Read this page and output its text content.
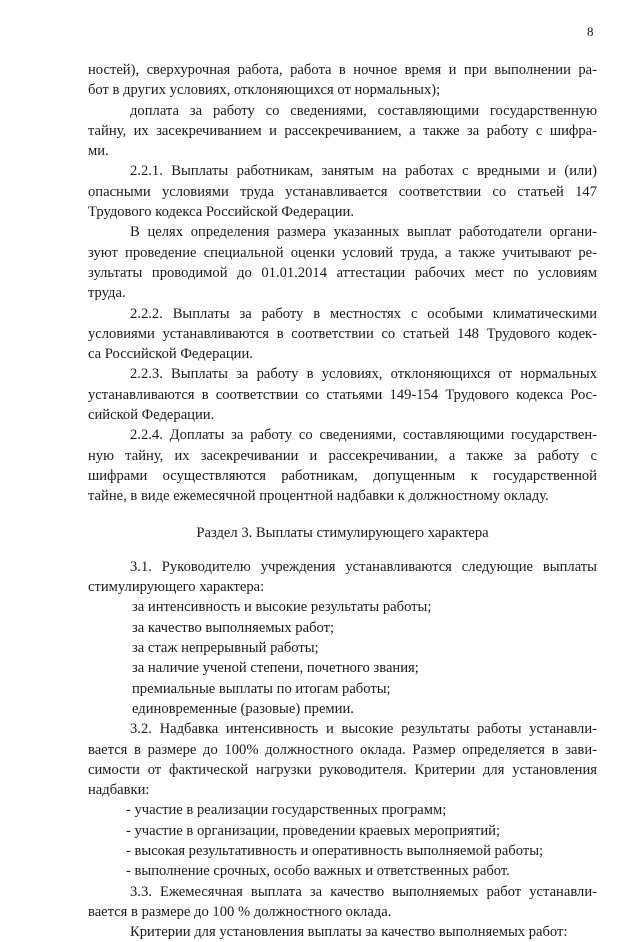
8
ностей), сверхурочная работа, работа в ночное время и при выполнении ра-
бот в других условиях, отклоняющихся от нормальных);
доплата за работу со сведениями, составляющими государственную
тайну, их засекречиванием и рассекречиванием, а также за работу с шифра-
ми.
2.2.1. Выплаты работникам, занятым на работах с вредными и (или)
опасными условиями труда устанавливается соответствии со статьей 147
Трудового кодекса Российской Федерации.
В целях определения размера указанных выплат работодатели органи-
зуют проведение специальной оценки условий труда, а также учитывают ре-
зультаты проводимой до 01.01.2014 аттестации рабочих мест по условиям
труда.
2.2.2. Выплаты за работу в местностях с особыми климатическими
условиями устанавливаются в соответствии со статьей 148 Трудового кодек-
са Российской Федерации.
2.2.3. Выплаты за работу в условиях, отклоняющихся от нормальных
устанавливаются в соответствии со статьями 149-154 Трудового кодекса Рос-
сийской Федерации.
2.2.4. Доплаты за работу со сведениями, составляющими государствен-
ную тайну, их засекречивании и рассекречивании, а также за работу с
шифрами осуществляются работникам, допущенным к государственной
тайне, в виде ежемесячной процентной надбавки к должностному окладу.
Раздел 3. Выплаты стимулирующего характера
3.1. Руководителю учреждения устанавливаются следующие выплаты
стимулирующего характера:
за интенсивность и высокие результаты работы;
за качество выполняемых работ;
за стаж непрерывный работы;
за наличие ученой степени, почетного звания;
премиальные выплаты по итогам работы;
единовременные (разовые) премии.
3.2. Надбавка интенсивность и высокие результаты работы устанавли-
вается в размере до 100% должностного оклада. Размер определяется в зави-
симости от фактической нагрузки руководителя. Критерии для установления
надбавки:
- участие в реализации государственных программ;
- участие в организации, проведении краевых мероприятий;
- высокая результативность и оперативность выполняемой работы;
- выполнение срочных, особо важных и ответственных работ.
3.3. Ежемесячная выплата за качество выполняемых работ устанавли-
вается в размере до 100 % должностного оклада.
Критерии для установления выплаты за качество выполняемых работ:
